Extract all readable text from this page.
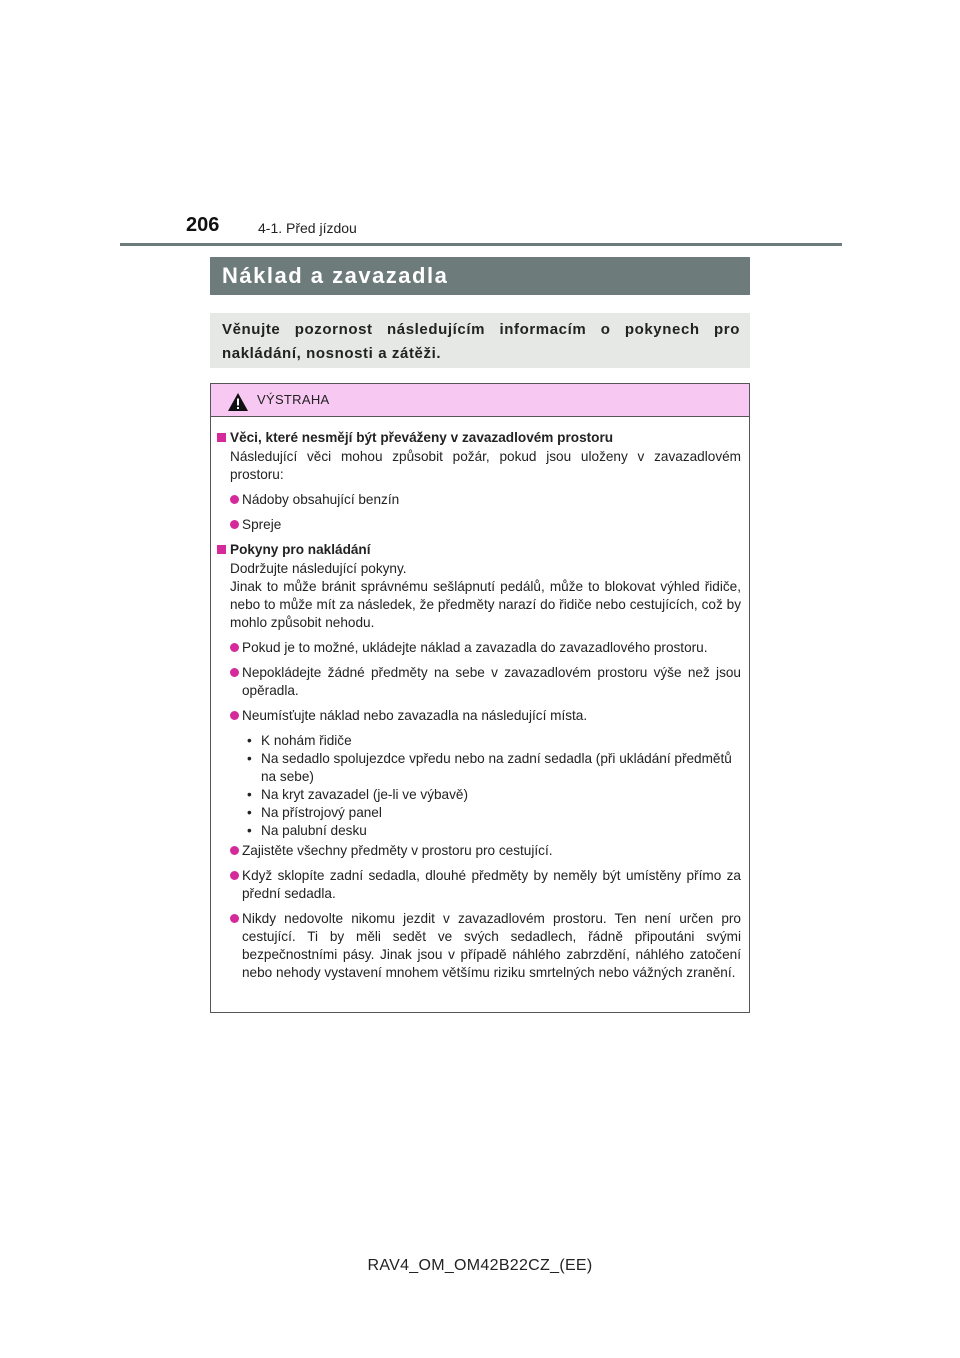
206	4-1. Před jízdou
Náklad a zavazadla
Věnujte pozornost následujícím informacím o pokynech pro nakládání, nosnosti a zátěži.
VÝSTRAHA
Věci, které nesmějí být převáženy v zavazadlovém prostoru
Následující věci mohou způsobit požár, pokud jsou uloženy v zavazadlovém prostoru:
Nádoby obsahující benzín
Spreje
Pokyny pro nakládání
Dodržujte následující pokyny.
Jinak to může bránit správnému sešlápnutí pedálů, může to blokovat výhled řidiče, nebo to může mít za následek, že předměty narazí do řidiče nebo cestujících, což by mohlo způsobit nehodu.
Pokud je to možné, ukládejte náklad a zavazadla do zavazadlového prostoru.
Nepokládejte žádné předměty na sebe v zavazadlovém prostoru výše než jsou opěradla.
Neumísťujte náklad nebo zavazadla na následující místa.
• K nohám řidiče
• Na sedadlo spolujezdce vpředu nebo na zadní sedadla (při ukládání předmětů na sebe)
• Na kryt zavazadel (je-li ve výbavě)
• Na přístrojový panel
• Na palubní desku
Zajistěte všechny předměty v prostoru pro cestující.
Když sklopíte zadní sedadla, dlouhé předměty by neměly být umístěny přímo za přední sedadla.
Nikdy nedovolte nikomu jezdit v zavazadlovém prostoru. Ten není určen pro cestující. Ti by měli sedět ve svých sedadlech, řádně připoutáni svými bezpečnostními pásy. Jinak jsou v případě náhlého zabrzdění, náhlého zatočení nebo nehody vystavení mnohem většímu riziku smrtelných nebo vážných zranění.
RAV4_OM_OM42B22CZ_(EE)
